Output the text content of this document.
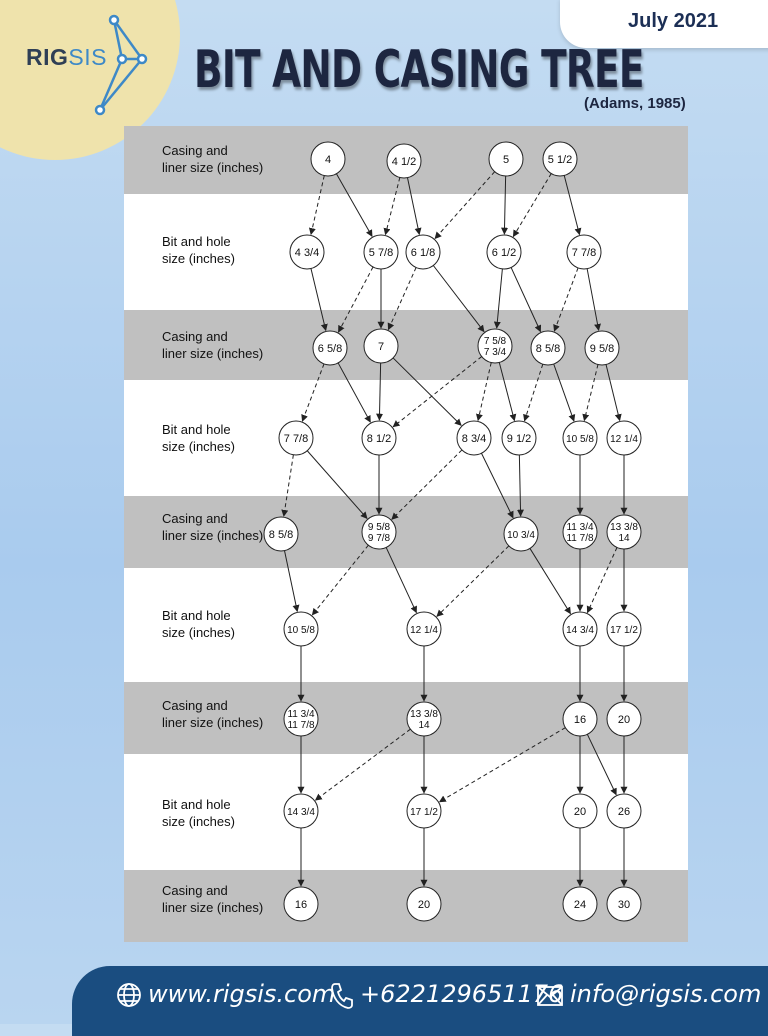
RIGSIS
July 2021
BIT AND CASING TREE
(Adams, 1985)
Casing and
liner size (inches)
Bit and hole
size (inches)
Casing and
liner size (inches)
Bit and hole
size (inches)
Casing and
liner size (inches)
Bit and hole
size (inches)
Casing and
liner size (inches)
Bit and hole
size (inches)
Casing and
liner size (inches)
4	4 1/2	5	5 1/2
4 3/4	5 7/8 6 1/8	6 1/2	7 7/8
6 5/8	7	7 5/8
7 3/4	8 5/8	9 5/8
7 7/8	8 1/2	8 3/4 9 1/2	10 5/8 12 1/4
8 5/8
9 5/8
9 7/8	10 3/4
11 3/4
11 7/8
13 3/8
14
10 5/8	12 1/4	14 3/4 17 1/2
11 3/4
11 7/8
13 3/8
14	16	20
14 3/4	17 1/2	20	26
16	20	24	30
www.rigsis.com +622129651176 info@rigsis.com
